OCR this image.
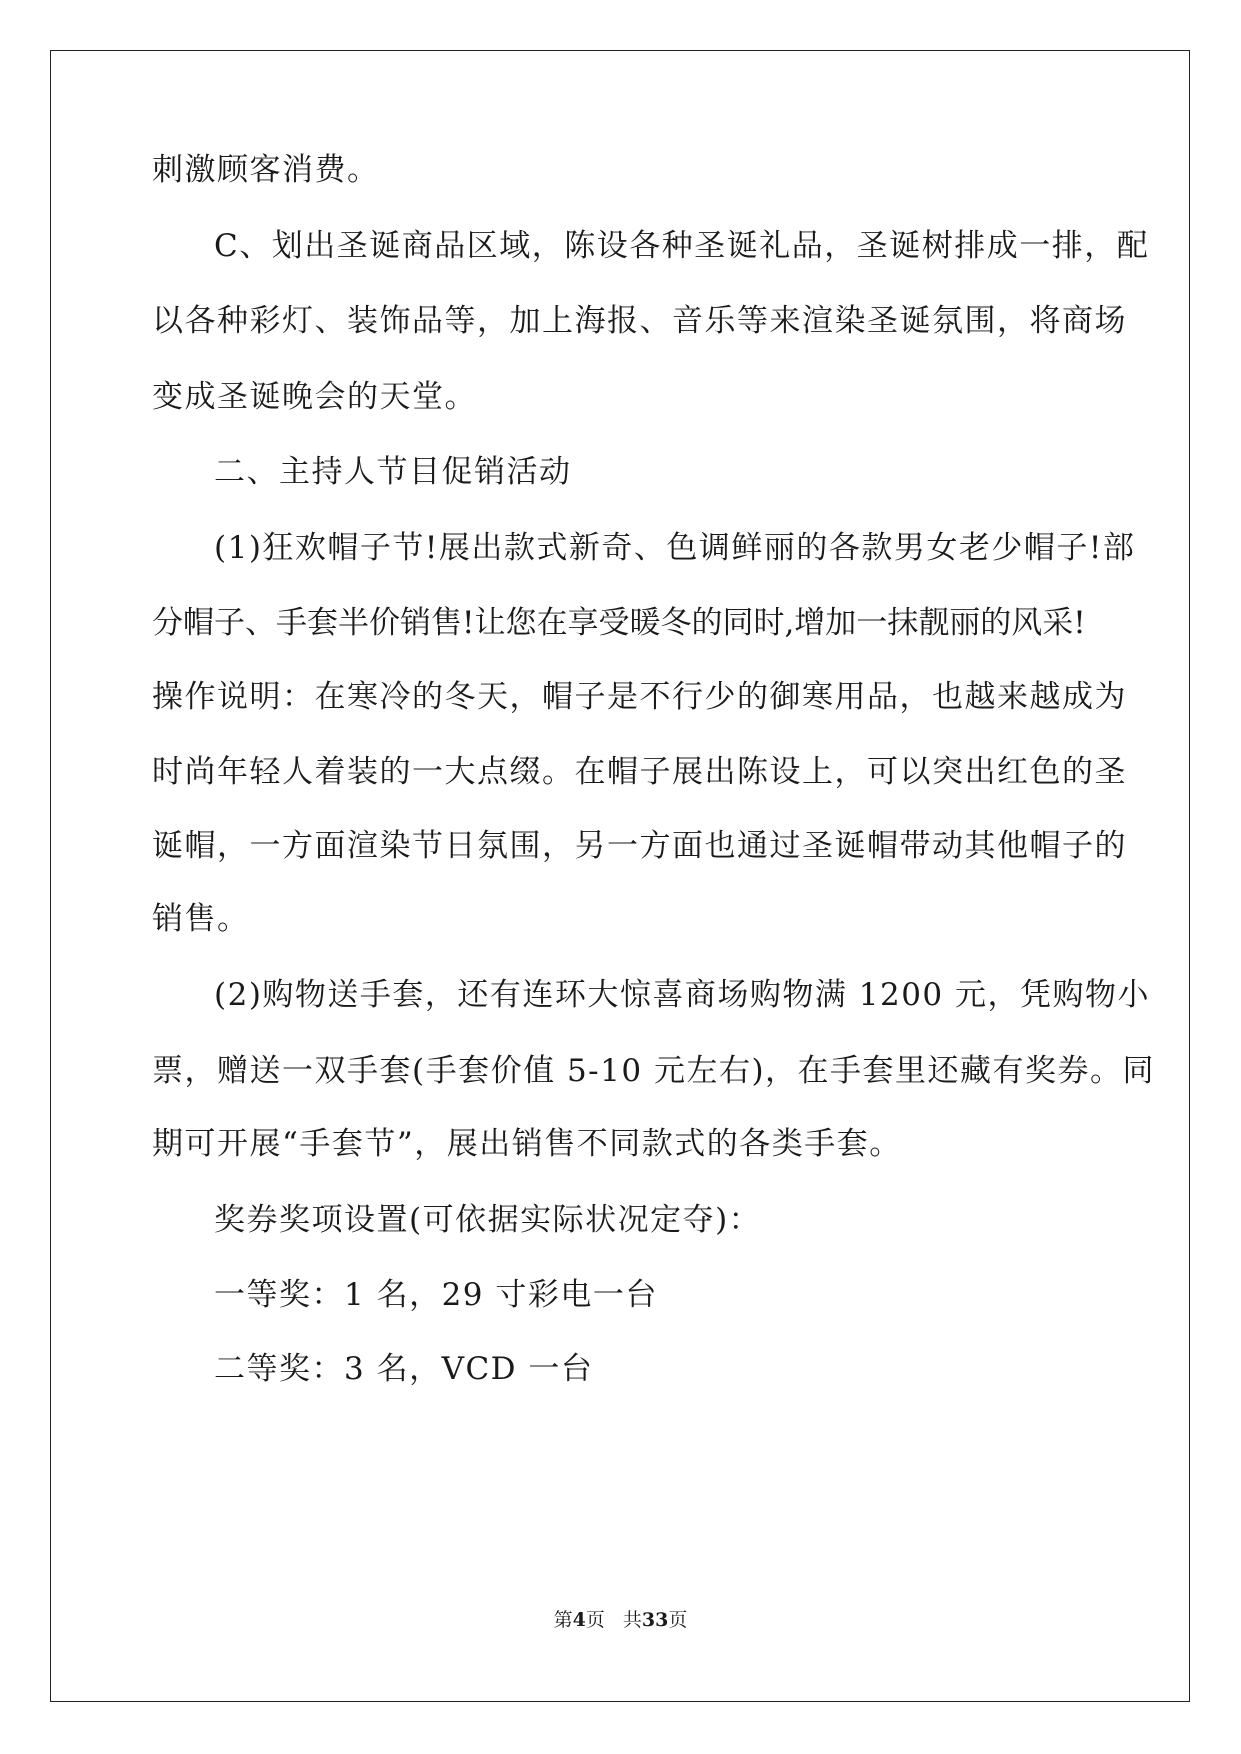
刺激顾客消费。
C、划出圣诞商品区域，陈设各种圣诞礼品，圣诞树排成一排，配
以各种彩灯、装饰品等，加上海报、音乐等来渲染圣诞氛围，将商场
变成圣诞晚会的天堂。
二、主持人节目促销活动
(1)狂欢帽子节!展出款式新奇、色调鲜丽的各款男女老少帽子!部
分帽子、手套半价销售!让您在享受暖冬的同时,增加一抹靓丽的风采!
操作说明：在寒冷的冬天，帽子是不行少的御寒用品，也越来越成为
时尚年轻人着装的一大点缀。在帽子展出陈设上，可以突出红色的圣
诞帽，一方面渲染节日氛围，另一方面也通过圣诞帽带动其他帽子的
销售。
(2)购物送手套，还有连环大惊喜商场购物满 1200 元，凭购物小
票，赠送一双手套(手套价值 5-10 元左右)，在手套里还藏有奖券。同
期可开展“手套节”，展出销售不同款式的各类手套。
奖券奖项设置(可依据实际状况定夺)：
一等奖：1 名，29 寸彩电一台
二等奖：3 名，VCD 一台
第4页 共33页
